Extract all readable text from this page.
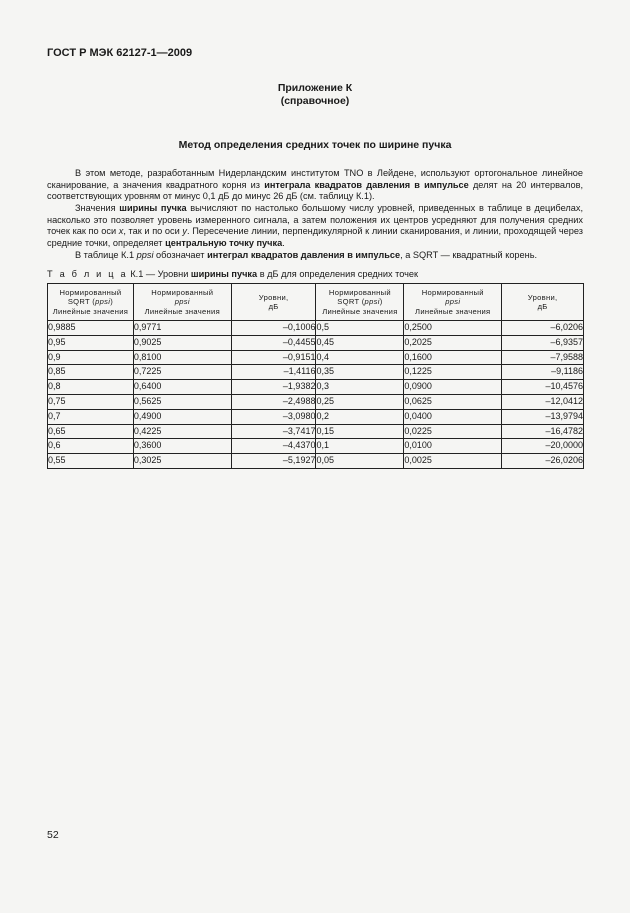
ГОСТ Р МЭК 62127-1—2009
Приложение К
(справочное)
Метод определения средних точек по ширине пучка

В этом методе, разработанным Нидерландским институтом TNO в Лейдене, используют ортогональное линейное сканирование, а значения квадратного корня из интеграла квадратов давления в импульсе делят на 20 интервалов, соответствующих уровням от минус 0,1 дБ до минус 26 дБ (см. таблицу К.1).

Значения ширины пучка вычисляют по настолько большому числу уровней, приведенных в таблице в децибелах, насколько это позволяет уровень измеренного сигнала, а затем положения их центров усредняют для получения средних точек как по оси x, так и по оси y. Пересечение линии, перпендикулярной к линии сканирования, и линии, проходящей через средние точки, определяет центральную точку пучка.

В таблице К.1 ppsi обозначает интеграл квадратов давления в импульсе, а SQRT — квадратный корень.

Т а б л и ц а К.1 — Уровни ширины пучка в дБ для определения средних точек
Нормированный
SQRT (ppsi)
Линейные значения	Нормированный
ppsi
Линейные значения	Уровни,
дБ	Нормированный
SQRT (ppsi)
Линейные значения	Нормированный
ppsi
Линейные значения	Уровни,
дБ
0,9885	0,9771	–0,1006	0,5	0,2500	–6,0206
0,95	0,9025	–0,4455	0,45	0,2025	–6,9357
0,9	0,8100	–0,9151	0,4	0,1600	–7,9588
0,85	0,7225	–1,4116	0,35	0,1225	–9,1186
0,8	0,6400	–1,9382	0,3	0,0900	–10,4576
0,75	0,5625	–2,4988	0,25	0,0625	–12,0412
0,7	0,4900	–3,0980	0,2	0,0400	–13,9794
0,65	0,4225	–3,7417	0,15	0,0225	–16,4782
0,6	0,3600	–4,4370	0,1	0,0100	–20,0000
0,55	0,3025	–5,1927	0,05	0,0025	–26,0206
52
